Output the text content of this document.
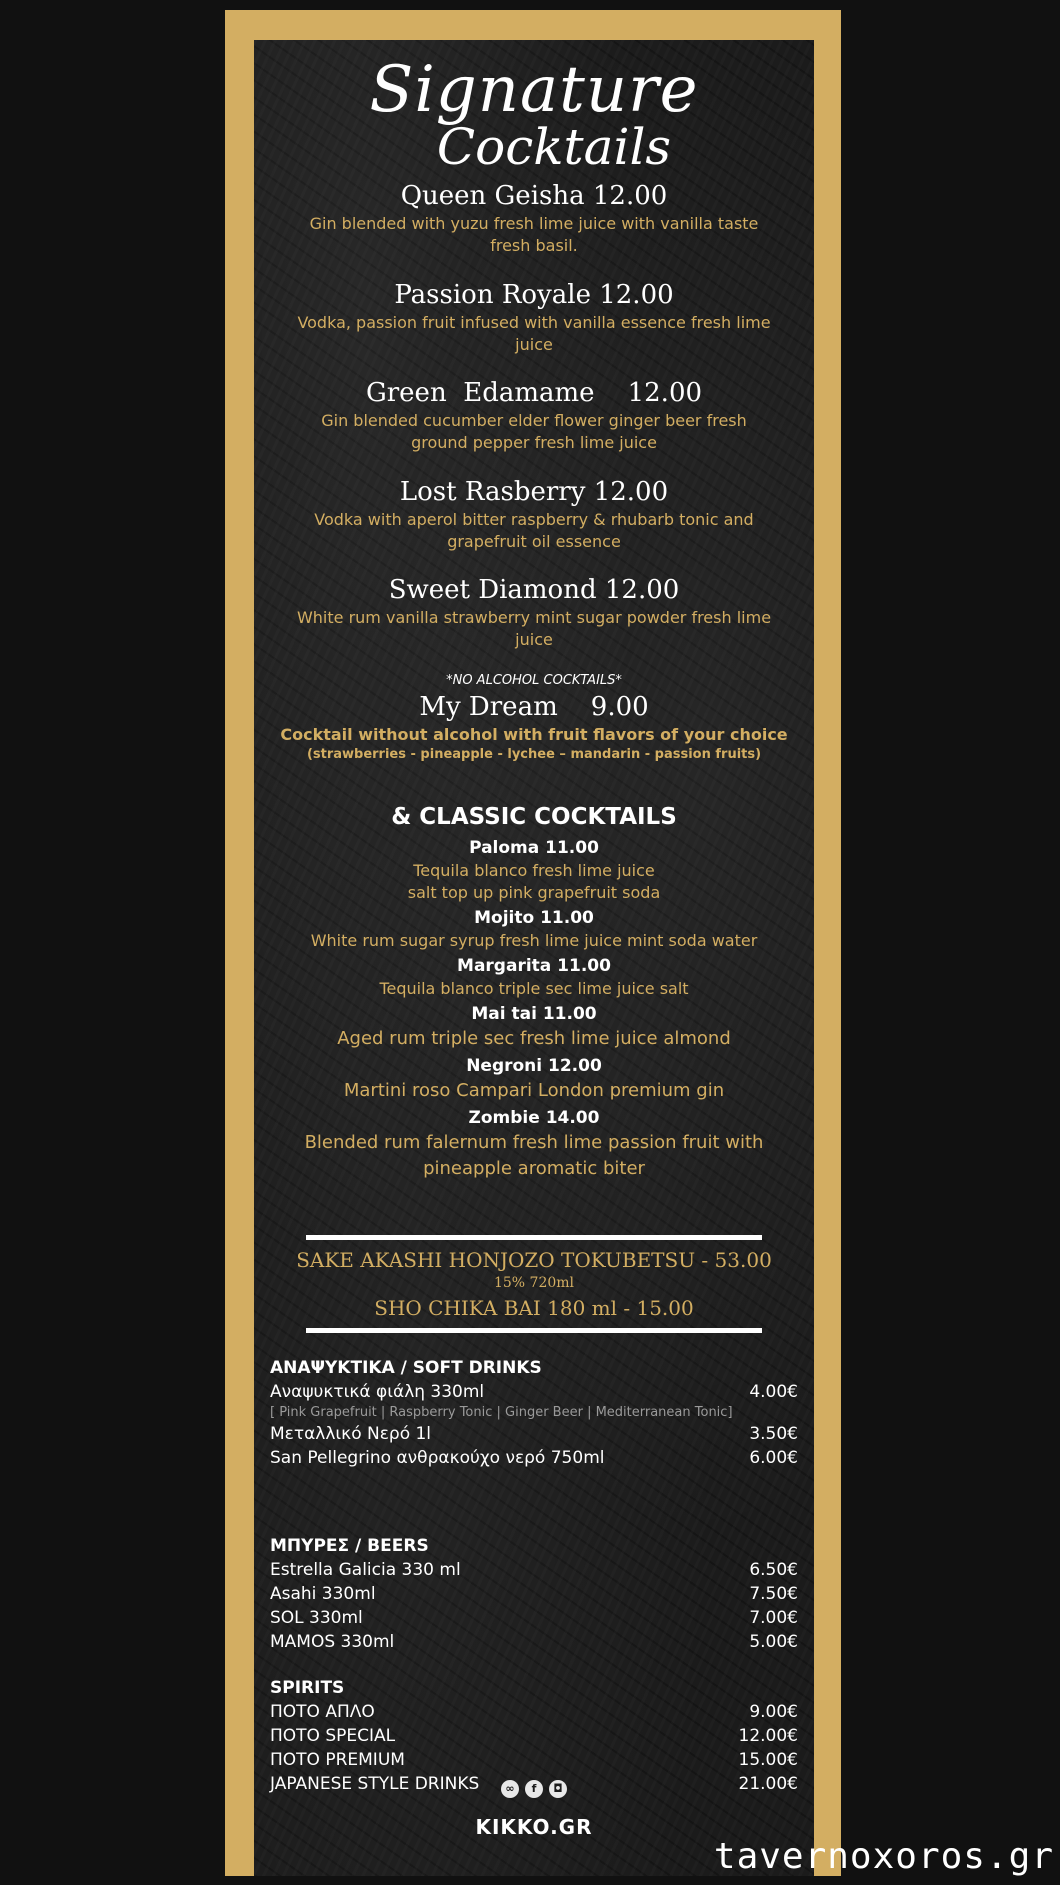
Signature
Cocktails
Queen Geisha 12.00
Gin blended with yuzu fresh lime juice with vanilla taste
fresh basil.
Passion Royale 12.00
Vodka, passion fruit infused with vanilla essence fresh lime
juice
Green  Edamame    12.00
Gin blended cucumber elder flower ginger beer fresh
ground pepper fresh lime juice
Lost Rasberry 12.00
Vodka with aperol bitter raspberry & rhubarb tonic and
grapefruit oil essence
Sweet Diamond 12.00
White rum vanilla strawberry mint sugar powder fresh lime
juice
*NO ALCOHOL COCKTAILS*
My Dream    9.00
Cocktail without alcohol with fruit flavors of your choice
(strawberries - pineapple - lychee – mandarin - passion fruits)
& CLASSIC COCKTAILS
Paloma 11.00
Tequila blanco fresh lime juice
salt top up pink grapefruit soda
Mojito 11.00
White rum sugar syrup fresh lime juice mint soda water
Margarita 11.00
Tequila blanco triple sec lime juice salt
Mai tai 11.00
Aged rum triple sec fresh lime juice almond
Negroni 12.00
Martini roso Campari London premium gin
Zombie 14.00
Blended rum falernum fresh lime passion fruit with
pineapple aromatic biter
SAKE AKASHI HONJOZO TOKUBETSU - 53.00
15% 720ml
SHO CHIKA BAI 180 ml - 15.00
ΑΝΑΨΥΚΤΙΚΑ / SOFT DRINKS
Αναψυκτικά φιάλη 330ml	4.00€
[ Pink Grapefruit | Raspberry Tonic | Ginger Beer | Mediterranean Tonic]
Μεταλλικό Νερό 1l	3.50€
San Pellegrino ανθρακούχο νερό 750ml	6.00€
ΜΠΥΡΕΣ / BEERS
Estrella Galicia 330 ml	6.50€
Asahi 330ml	7.50€
SOL 330ml	7.00€
MAMOS 330ml	5.00€
SPIRITS
ΠΟΤΟ ΑΠΛΟ	9.00€
ΠΟΤΟ SPECIAL	12.00€
ΠΟΤΟ PREMIUM	15.00€
JAPANESE STYLE DRINKS	21.00€
∞	f	◘
KIKKO.GR
tavernoxoros.gr
